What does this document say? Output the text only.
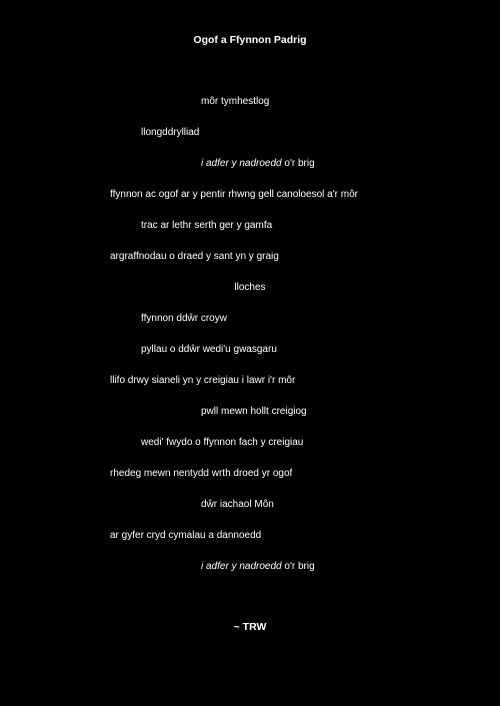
Ogof a Ffynnon Padrig
môr tymhestlog
llongddrylliad
i adfer y nadroedd o'r brig
ffynnon ac ogof ar y pentir rhwng gell canoloesol a'r môr
trac ar lethr serth ger y gamfa
argraffnodau o draed y sant yn y graig
lloches
ffynnon ddŵr croyw
pyllau o ddŵr wedi'u gwasgaru
llifo drwy sianeli yn y creigiau i lawr i'r môr
pwll mewn hollt creigiog
wedi' fwydo o ffynnon fach y creigiau
rhedeg mewn nentydd wrth droed yr ogof
dŵr iachaol Môn
ar gyfer cryd cymalau a dannoedd
i adfer y nadroedd o'r brig
~ TRW
